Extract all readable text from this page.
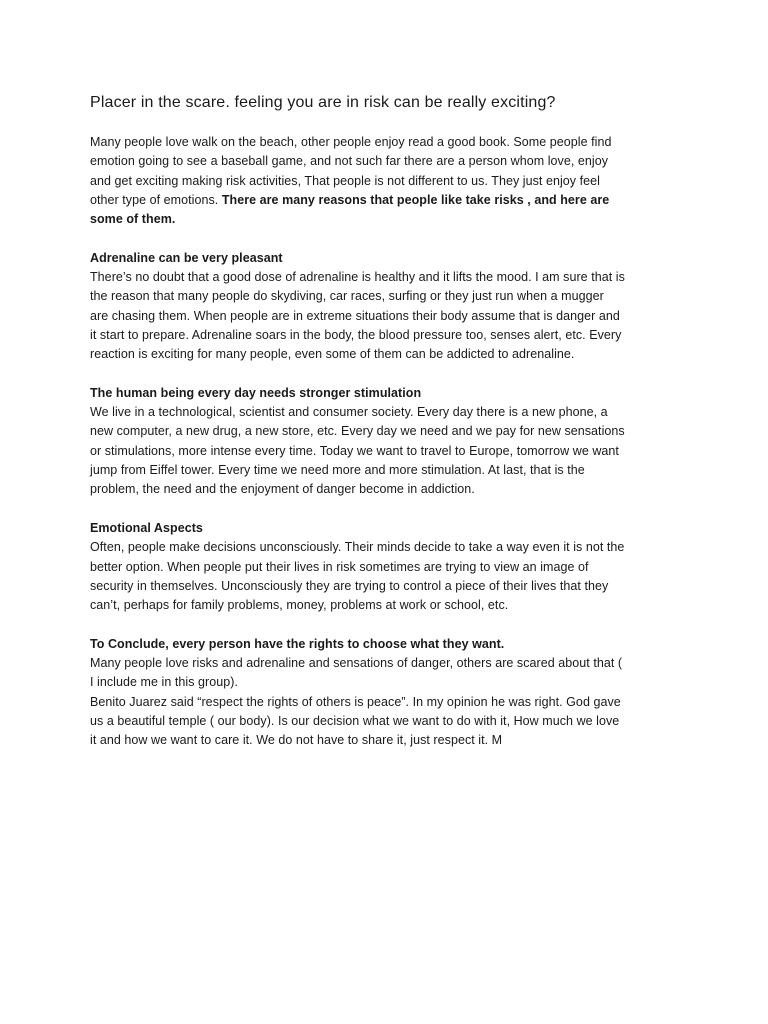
Placer in the scare. feeling you are in risk can be really exciting?
Many people love walk on the beach, other people enjoy read a good book. Some people find
emotion going to see a baseball game, and not such far there are a person whom love, enjoy
and get exciting making risk activities, That people is not different to us. They just enjoy feel
other type of emotions. There are many reasons that people like take risks , and here are
some of them.
Adrenaline can be very pleasant
There’s no doubt that a good dose of adrenaline is healthy and it lifts the mood. I am sure that is
the reason that many people do skydiving, car races, surfing or they just run when a mugger
are chasing them. When people are in extreme situations their body assume that is danger and
it start to prepare. Adrenaline soars in the body, the blood pressure too, senses alert, etc. Every
reaction is exciting for many people, even some of them can be addicted to adrenaline.
The human being every day needs stronger stimulation
We live in a technological, scientist and consumer society. Every day there is a new phone, a
new computer, a new drug, a new store, etc. Every day we need and we pay for new sensations
or stimulations, more intense every time. Today we want to travel to Europe, tomorrow we want
jump from Eiffel tower. Every time we need more and more stimulation. At last, that is the
problem, the need and the enjoyment of danger become in addiction.
Emotional Aspects
Often, people make decisions unconsciously. Their minds decide to take a way even it is not the
better option. When people put their lives in risk sometimes are trying to view an image of
security in themselves. Unconsciously they are trying to control a piece of their lives that they
can’t, perhaps for family problems, money, problems at work or school, etc.
To Conclude, every person have the rights to choose what they want.
Many people love risks and adrenaline and sensations of danger, others are scared about that (
I include me in this group).
Benito Juarez said “respect the rights of others is peace”. In my opinion he was right. God gave
us a beautiful temple ( our body). Is our decision what we want to do with it, How much we love
it and how we want to care it. We do not have to share it, just respect it. M
